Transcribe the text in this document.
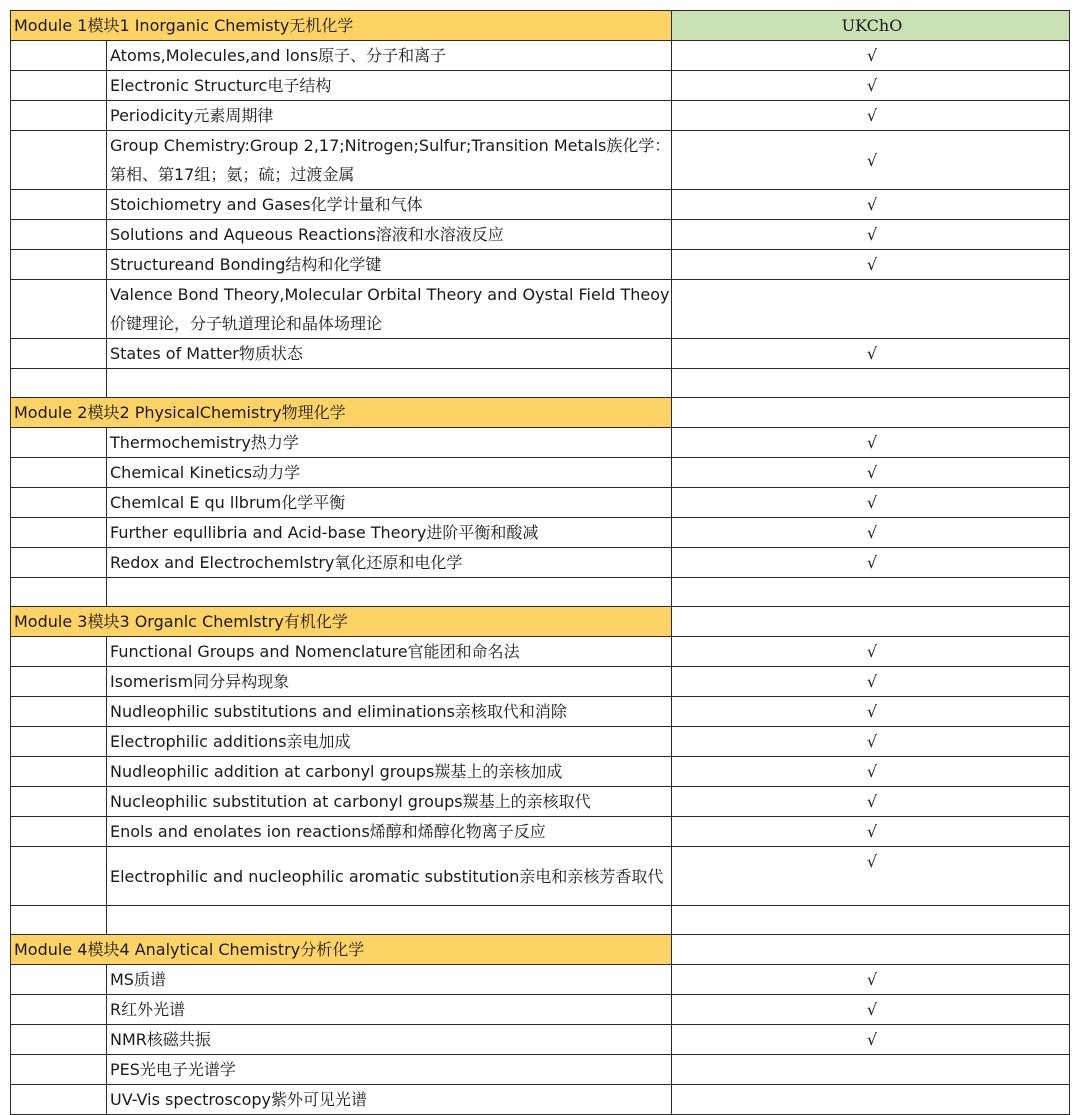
Module 1模块1 Inorganic Chemisty无机化学		UKChO
	Atoms,Molecules,and lons原子、分子和离子	√
	Electronic Structurc电子结构	√
	Periodicity元素周期律	√
	Group Chemistry:Group 2,17;Nitrogen;Sulfur;Transition Metals族化学：第相、第17组；氨；硫；过渡金属	√
	Stoichiometry and Gases化学计量和气体	√
	Solutions and Aqueous Reactions溶液和水溶液反应	√
	Structureand Bonding结构和化学键	√
	Valence Bond Theory,Molecular Orbital Theory and Oystal Field Theoy价键理论，分子轨道理论和晶体场理论	
	States of Matter物质状态	√

Module 2模块2 PhysicalChemistry物理化学		
	Thermochemistry热力学	√
	Chemical Kinetics动力学	√
	Chemlcal E qu llbrum化学平衡	√
	Further equllibria and Acid-base Theory进阶平衡和酸减	√
	Redox and Electrochemlstry氧化还原和电化学	√

Module 3模块3 Organlc Chemlstry有机化学		
	Functional Groups and Nomenclature官能团和命名法	√
	Isomerism同分异构现象	√
	Nudleophilic substitutions and eliminations亲核取代和消除	√
	Electrophilic additions亲电加成	√
	Nudleophilic addition at carbonyl groups羰基上的亲核加成	√
	Nucleophilic substitution at carbonyl groups羰基上的亲核取代	√
	Enols and enolates ion reactions烯醇和烯醇化物离子反应	√
	Electrophilic and nucleophilic aromatic substitution亲电和亲核芳香取代	√

Module 4模块4 Analytical Chemistry分析化学		
	MS质谱	√
	R红外光谱	√
	NMR核磁共振	√
	PES光电子光谱学	
	UV-Vis spectroscopy紫外可见光谱	
